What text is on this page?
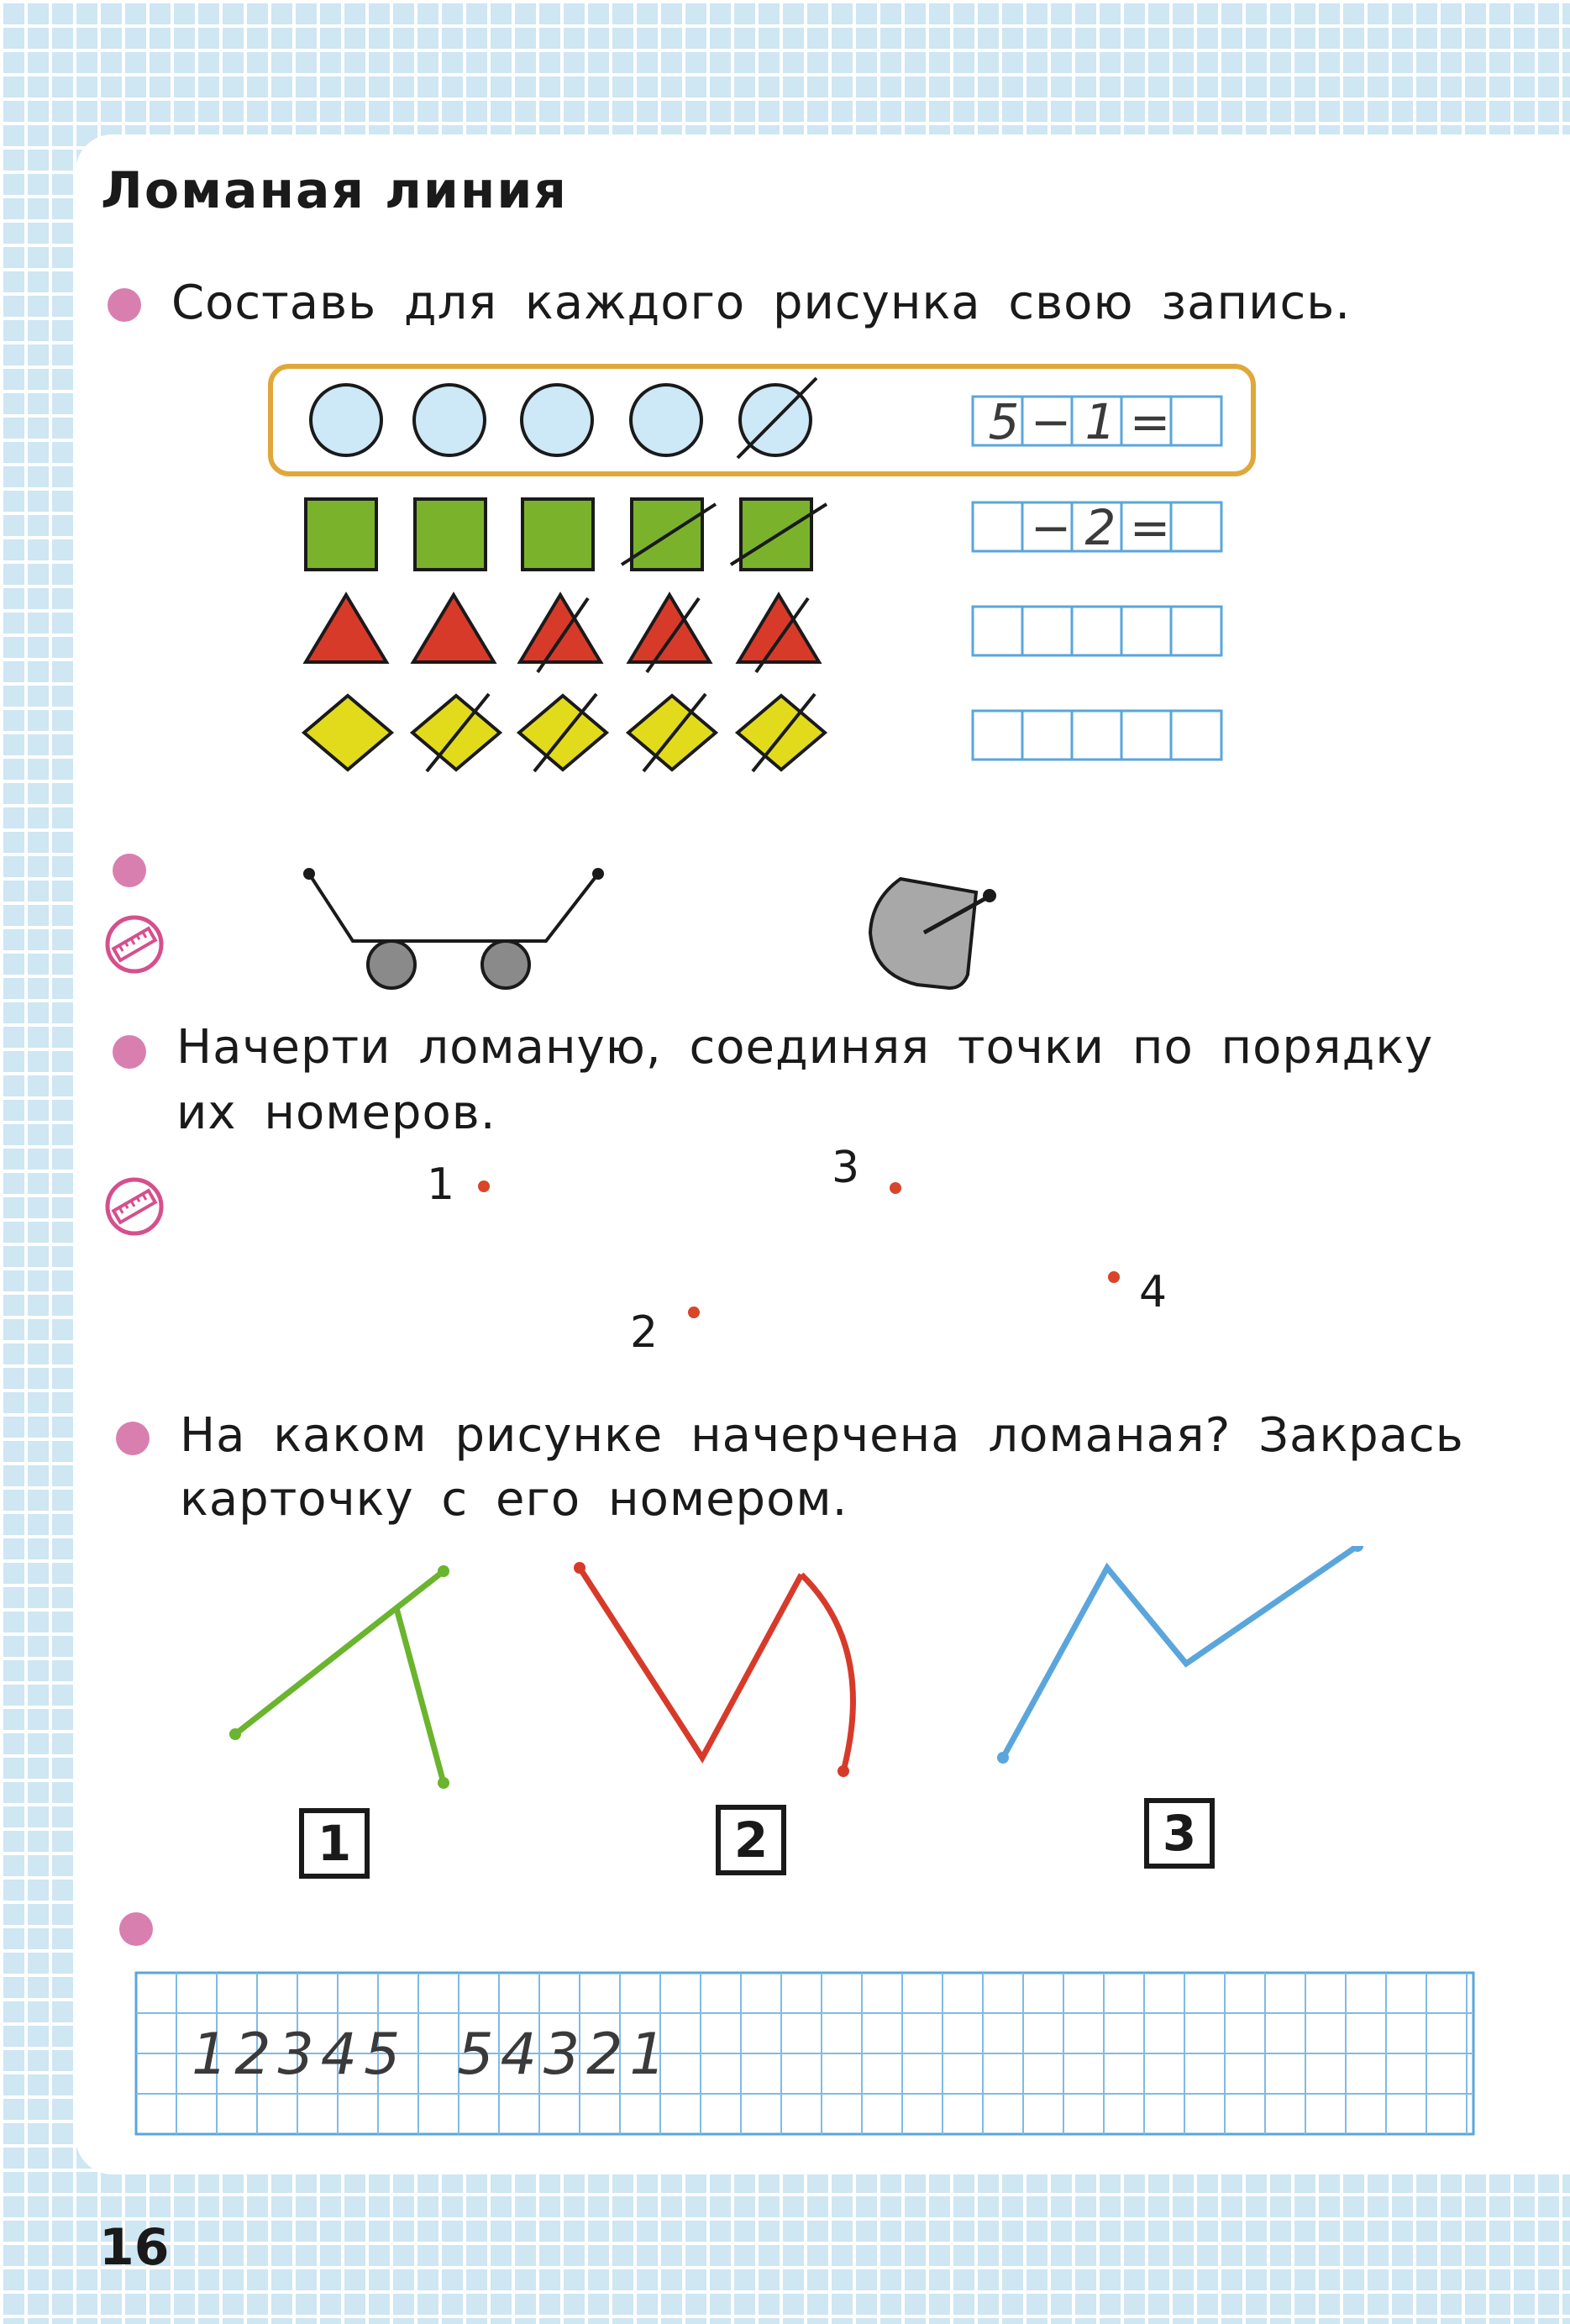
Ломаная линия

Составь для каждого рисунка свою запись.

5 − 1 =
− 2 =

Начерти ломаную, соединяя точки по порядку

их номеров.

1
2
3
4

На каком рисунке начерчена ломаная? Закрась

карточку с его номером.

1	2	3
12345 54321
16
